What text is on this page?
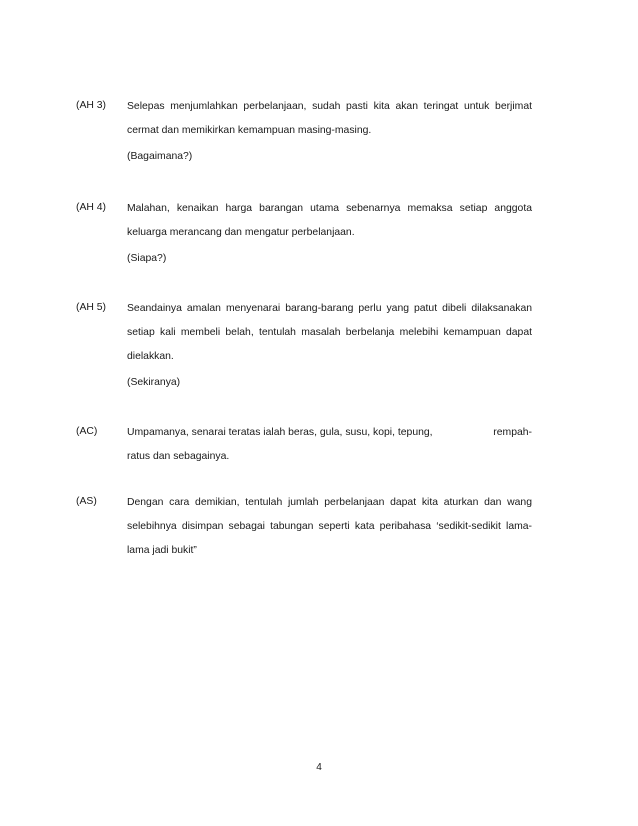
(AH 3)	Selepas menjumlahkan perbelanjaan, sudah pasti kita akan teringat untuk berjimat
cermat dan memikirkan kemampuan masing-masing.
(Bagaimana?)
(AH 4)	Malahan, kenaikan harga barangan utama sebenarnya memaksa setiap anggota
keluarga merancang dan mengatur perbelanjaan.
(Siapa?)
(AH 5)	Seandainya amalan menyenarai barang-barang perlu yang patut dibeli dilaksanakan
setiap kali membeli belah, tentulah masalah berbelanja melebihi kemampuan dapat
dielakkan.
(Sekiranya)
(AC)	Umpamanya, senarai teratas ialah beras, gula, susu, kopi, tepung,	rempah-
ratus dan sebagainya.
(AS)	Dengan cara demikian, tentulah jumlah perbelanjaan dapat kita aturkan dan wang
selebihnya disimpan sebagai tabungan seperti kata peribahasa ‘sedikit-sedikit lama-
lama jadi bukit”
4
